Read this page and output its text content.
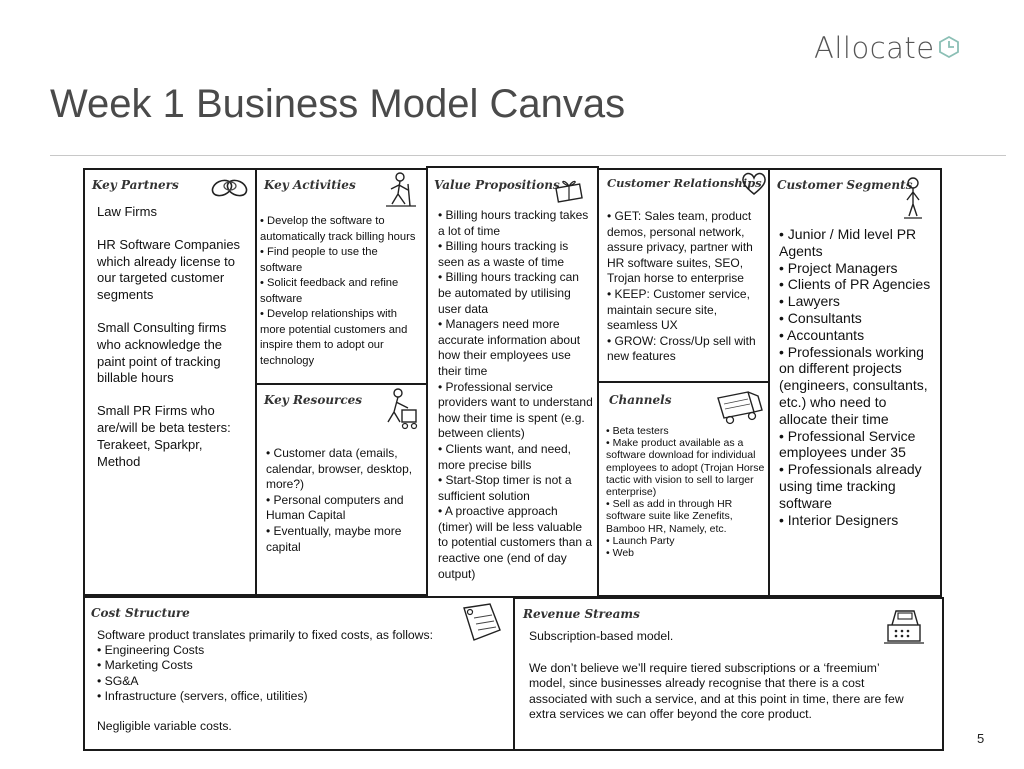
Allocate
Week 1 Business Model Canvas
Key Partners

Law Firms

HR Software Companies which already license to our targeted customer segments

Small Consulting firms who acknowledge the paint point of tracking billable hours

Small PR Firms who are/will be beta testers: Terakeet, Sparkpr, Method

Key Activities
• Develop the software to automatically track billing hours
• Find people to use the software
• Solicit feedback and refine software
• Develop relationships with more potential customers and inspire them to adopt our technology
Key Resources
• Customer data (emails, calendar, browser, desktop, more?)
• Personal computers and Human Capital
• Eventually, maybe more capital
Value Propositions
• Billing hours tracking takes a lot of time
• Billing hours tracking is seen as a waste of time
• Billing hours tracking can be automated by utilising user data
• Managers need more accurate information about how their employees use their time
• Professional service providers want to understand how their time is spent (e.g. between clients)
• Clients want, and need, more precise bills
• Start-Stop timer is not a sufficient solution
• A proactive approach (timer) will be less valuable to potential customers than a reactive one (end of day output)
Customer Relationships
• GET: Sales team, product demos, personal network, assure privacy, partner with HR software suites, SEO, Trojan horse to enterprise
• KEEP: Customer service, maintain secure site, seamless UX
• GROW: Cross/Up sell with new features
Channels
• Beta testers
• Make product available as a software download for individual employees to adopt (Trojan Horse tactic with vision to sell to larger enterprise)
• Sell as add in through HR software suite like Zenefits, Bamboo HR, Namely, etc.
• Launch Party
• Web
Customer Segments
• Junior / Mid level PR Agents
• Project Managers
• Clients of PR Agencies
• Lawyers
• Consultants
• Accountants
• Professionals working on different projects (engineers, consultants, etc.) who need to allocate their time
• Professional Service employees under 35
• Professionals already using time tracking software
• Interior Designers
Cost Structure

Software product translates primarily to fixed costs, as follows:

• Engineering Costs

• Marketing Costs

• SG&A

• Infrastructure (servers, office, utilities)

Negligible variable costs.

Revenue Streams

Subscription-based model.

We don’t believe we’ll require tiered subscriptions or a ‘freemium’ model, since businesses already recognise that there is a cost associated with such a service, and at this point in time, there are few extra services we can offer beyond the core product.

5
